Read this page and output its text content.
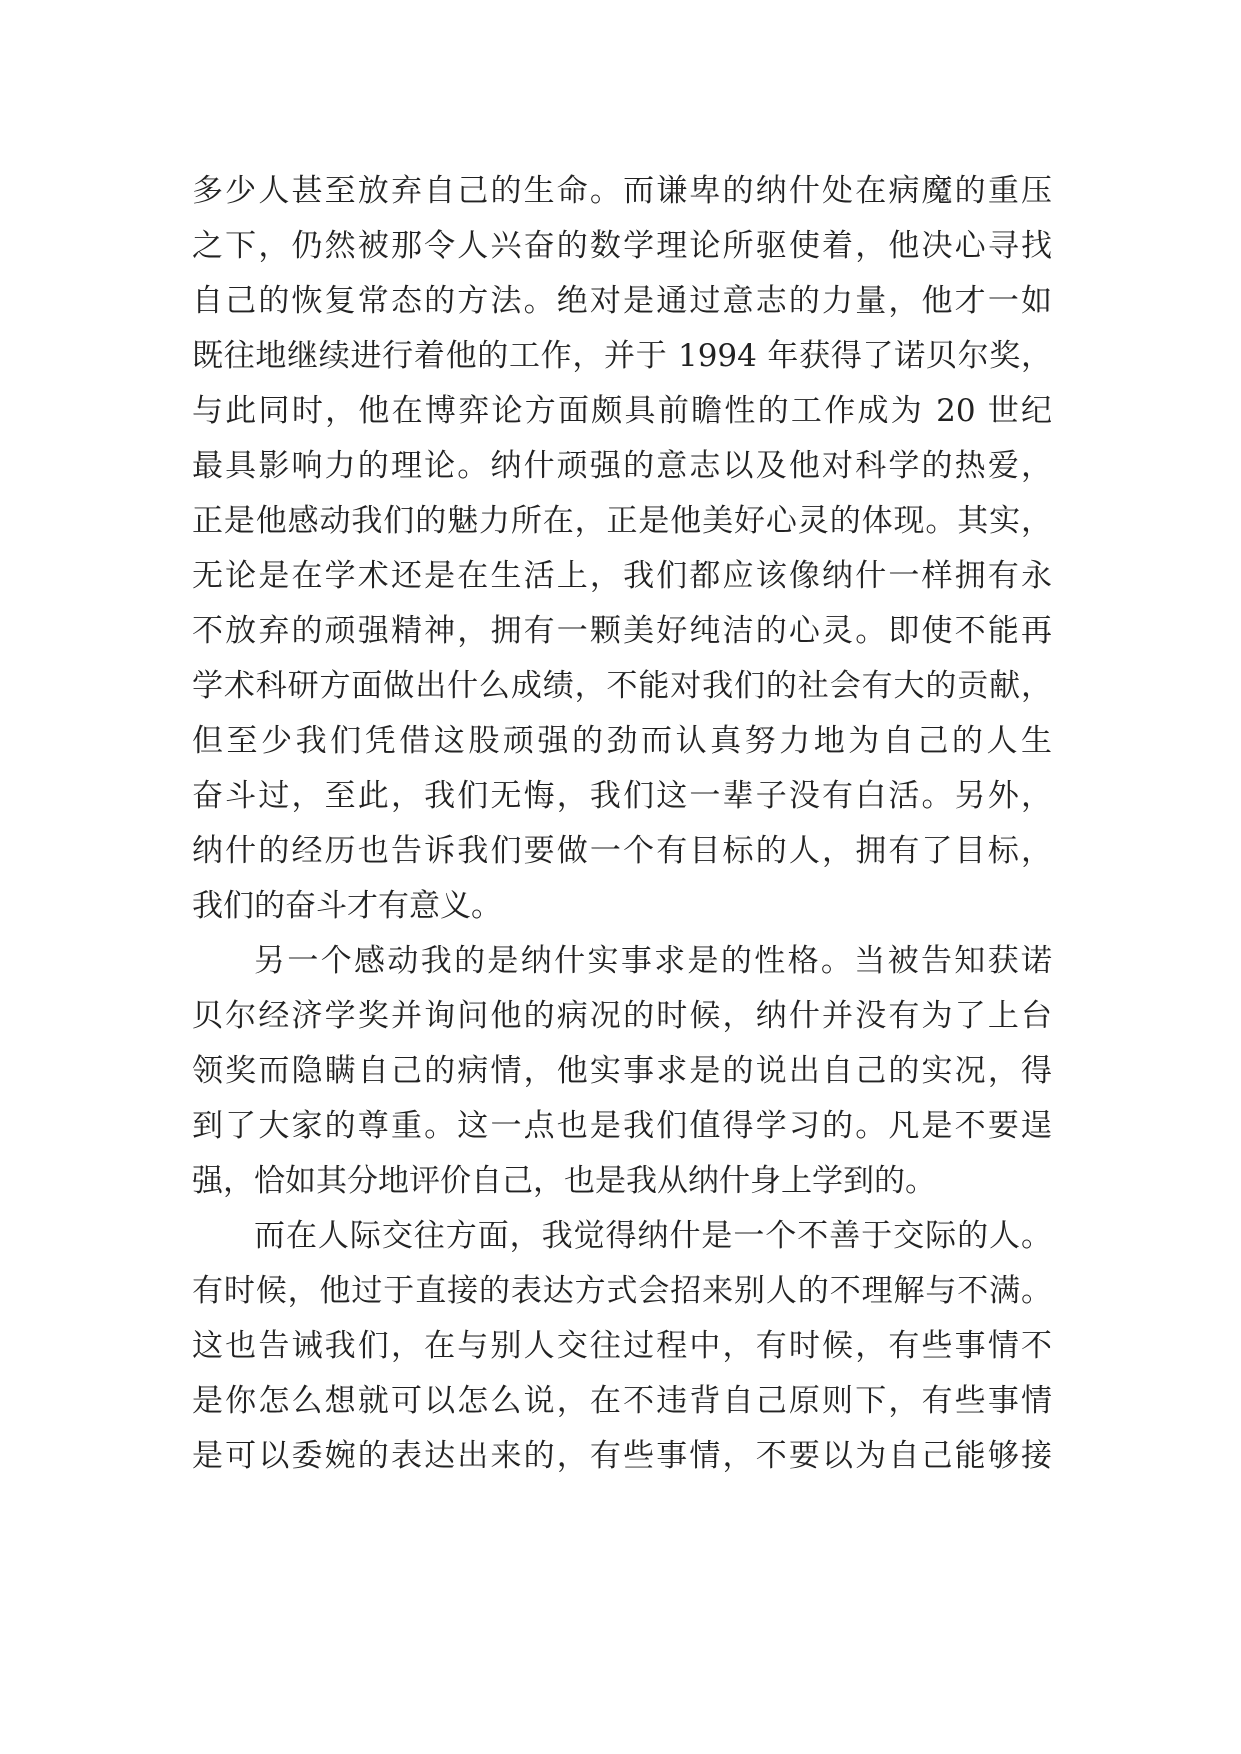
多少人甚至放弃自己的生命。而谦卑的纳什处在病魔的重压
之下，仍然被那令人兴奋的数学理论所驱使着，他决心寻找
自己的恢复常态的方法。绝对是通过意志的力量，他才一如
既往地继续进行着他的工作，并于 1994 年获得了诺贝尔奖，
与此同时，他在博弈论方面颇具前瞻性的工作成为 20 世纪
最具影响力的理论。纳什顽强的意志以及他对科学的热爱，
正是他感动我们的魅力所在，正是他美好心灵的体现。其实，
无论是在学术还是在生活上，我们都应该像纳什一样拥有永
不放弃的顽强精神，拥有一颗美好纯洁的心灵。即使不能再
学术科研方面做出什么成绩，不能对我们的社会有大的贡献，
但至少我们凭借这股顽强的劲而认真努力地为自己的人生
奋斗过，至此，我们无悔，我们这一辈子没有白活。另外，
纳什的经历也告诉我们要做一个有目标的人，拥有了目标，
我们的奋斗才有意义。
另一个感动我的是纳什实事求是的性格。当被告知获诺
贝尔经济学奖并询问他的病况的时候，纳什并没有为了上台
领奖而隐瞒自己的病情，他实事求是的说出自己的实况，得
到了大家的尊重。这一点也是我们值得学习的。凡是不要逞
强，恰如其分地评价自己，也是我从纳什身上学到的。
而在人际交往方面，我觉得纳什是一个不善于交际的人。
有时候，他过于直接的表达方式会招来别人的不理解与不满。
这也告诫我们，在与别人交往过程中，有时候，有些事情不
是你怎么想就可以怎么说，在不违背自己原则下，有些事情
是可以委婉的表达出来的，有些事情，不要以为自己能够接
